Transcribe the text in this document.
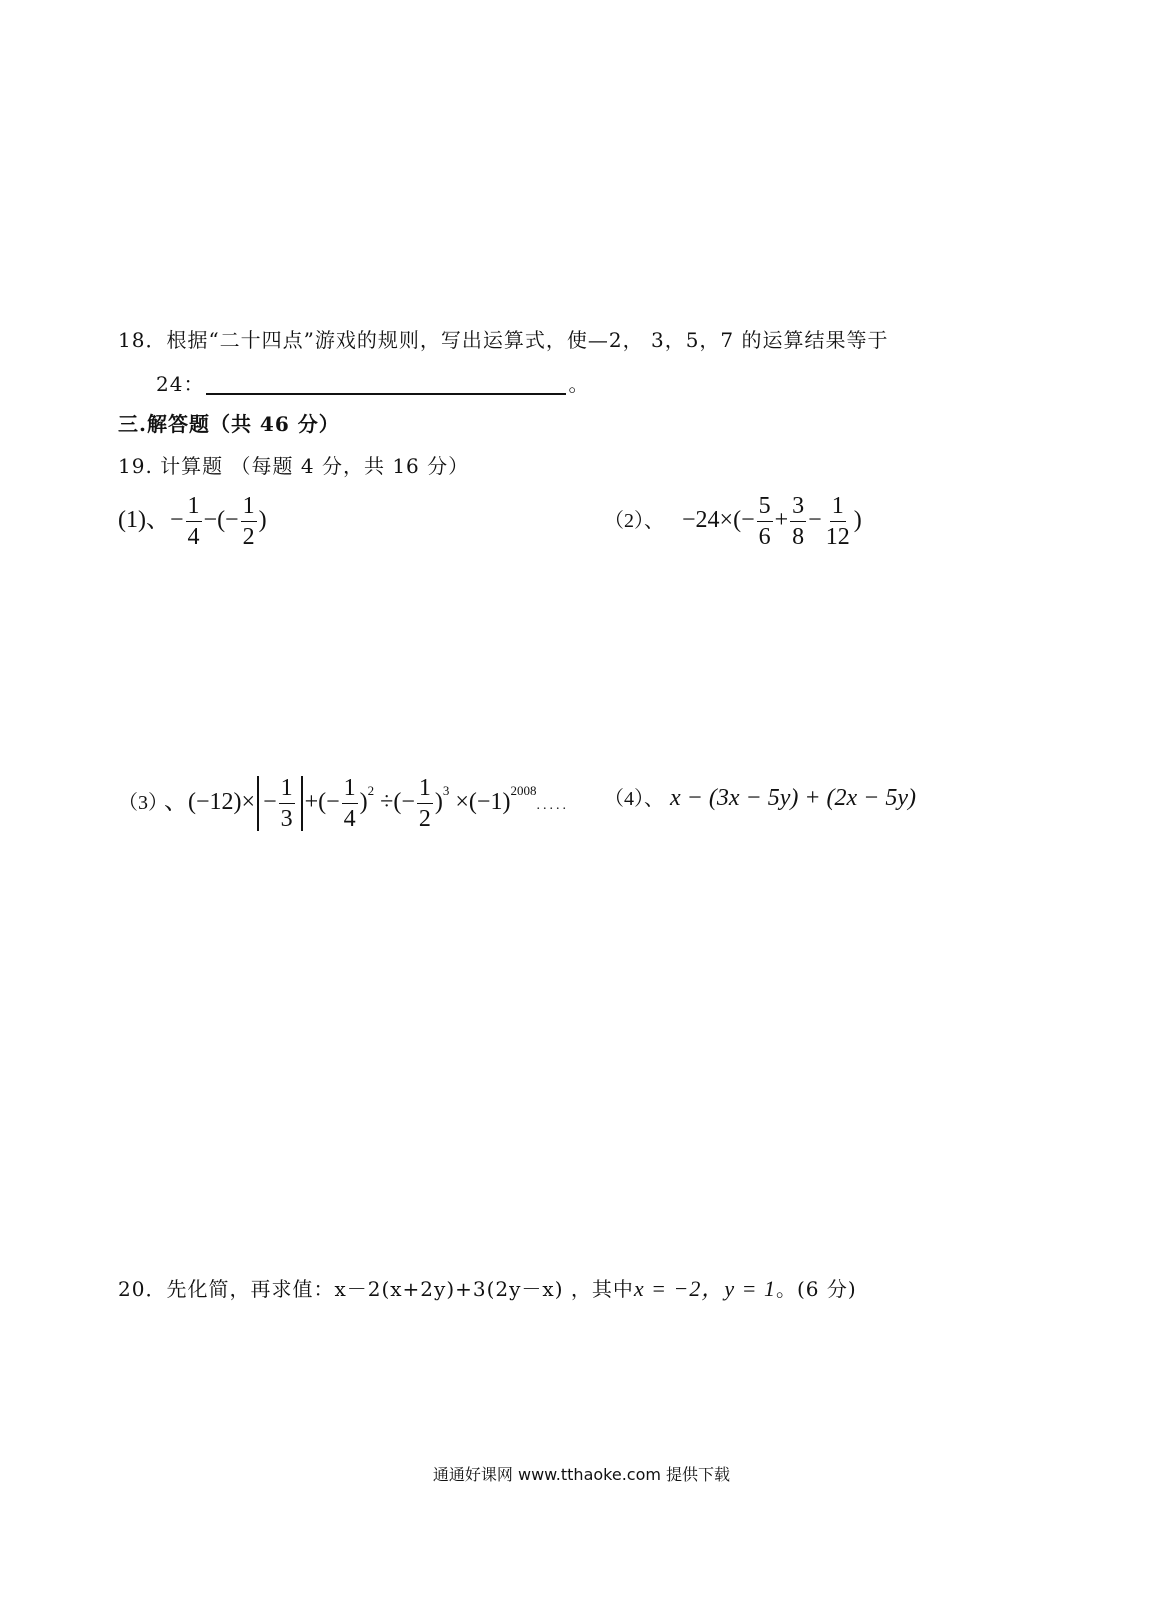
18．根据“二十四点”游戏的规则，写出运算式，使—2， 3，5，7 的运算结果等于
24：	。
三.解答题（共 46 分）
19. 计算题 （每题 4 分，共 16 分）
(1)、− $\frac{1}{4}$ −(− $\frac{1}{2}$ )	（2）、 $-24\times(- \frac{5}{6} + \frac{3}{8} - \frac{1}{12}$ )
（3） 、$(-12)\times - \frac{1}{3}$ +(− $\frac{1}{4} )^2$ ÷(− $\frac{1}{2} )^3 \times(-1)^{2008}$..... （4）、 x − (3x − 5y) + (2x − 5y)
20．先化简，再求值：x－2(x+2y)+3(2y－x) ，其中x = −2，y = 1。(6 分)
通通好课网 www.tthaoke.com 提供下载
